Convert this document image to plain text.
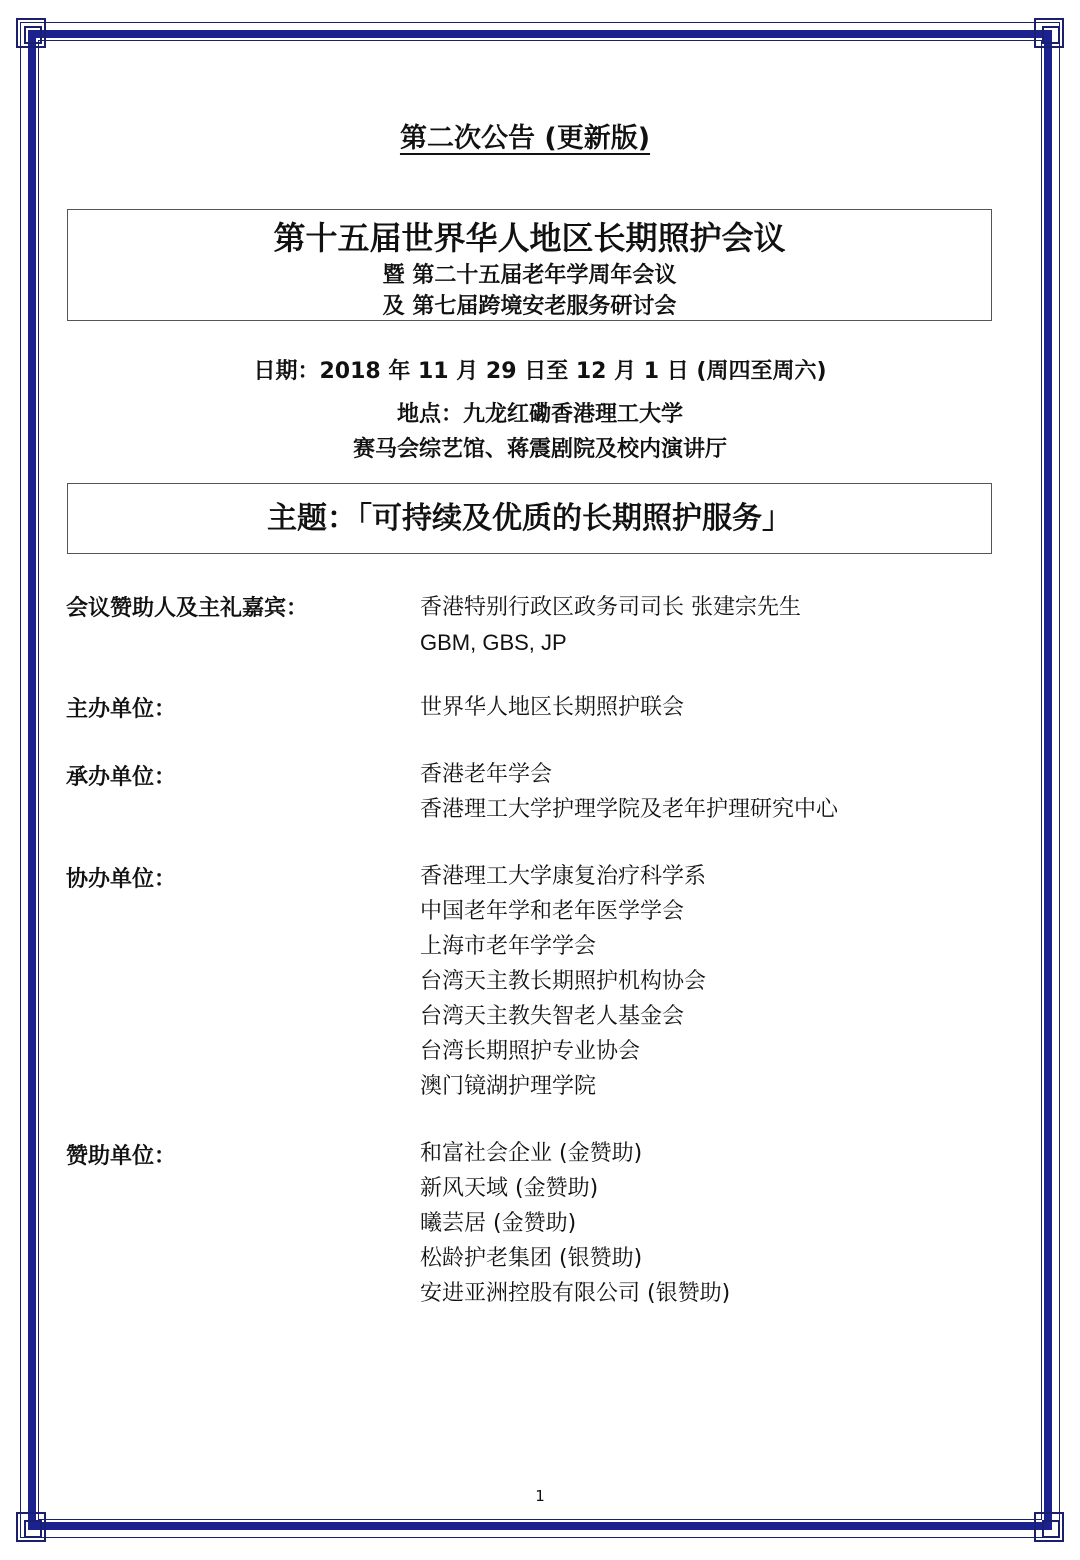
第二次公告 (更新版)
第十五届世界华人地区长期照护会议
暨 第二十五届老年学周年会议
及 第七届跨境安老服务研讨会
日期：2018 年 11 月 29 日至 12 月 1 日 (周四至周六)
地点：九龙红磡香港理工大学
赛马会综艺馆、蒋震剧院及校内演讲厅
主题：「可持续及优质的长期照护服务」
会议赞助人及主礼嘉宾：	香港特别行政区政务司司长 张建宗先生
GBM, GBS, JP
主办单位：	世界华人地区长期照护联会
承办单位：	香港老年学会
香港理工大学护理学院及老年护理研究中心
协办单位：	香港理工大学康复治疗科学系
中国老年学和老年医学学会
上海市老年学学会
台湾天主教长期照护机构协会
台湾天主教失智老人基金会
台湾长期照护专业协会
澳门镜湖护理学院
赞助单位：	和富社会企业 (金赞助)
新风天域 (金赞助)
曦芸居 (金赞助)
松龄护老集团 (银赞助)
安进亚洲控股有限公司 (银赞助)
1
